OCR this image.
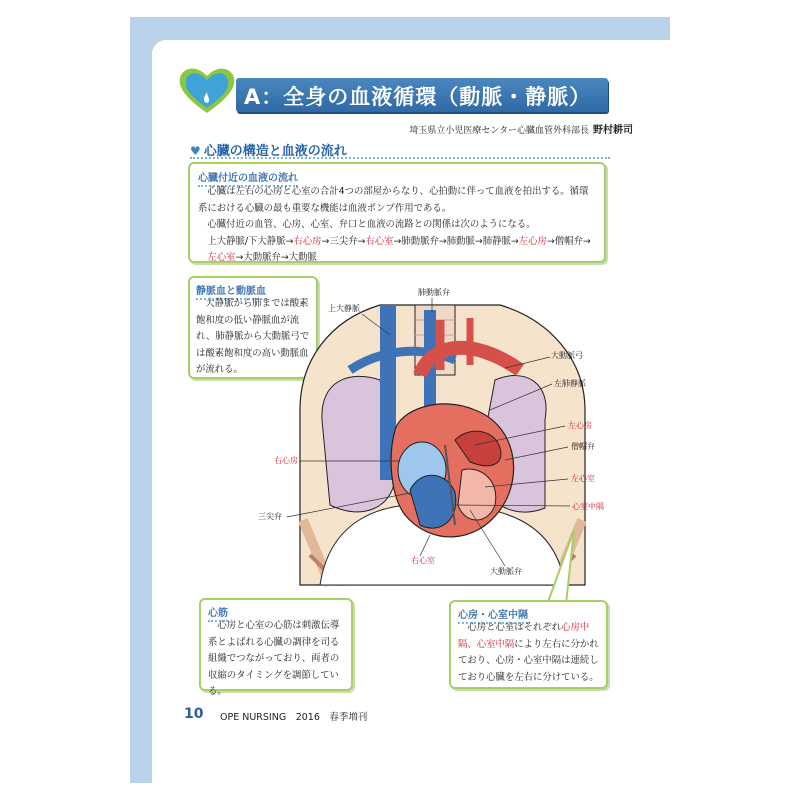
A：全身の血液循環（動脈・静脈）
埼玉県立小児医療センター心臓血管外科部長 野村耕司
♥ 心臓の構造と血液の流れ
心臓付近の血液の流れ
心臓は左右の心房と心室の合計4つの部屋からなり、心拍動に伴って血液を拍出する。循環系における心臓の最も重要な機能は血液ポンプ作用である。
心臓付近の血管、心房、心室、弁口と血液の流路との関係は次のようになる。
上大静脈/下大静脈→右心房→三尖弁→右心室→肺動脈弁→肺動脈→肺静脈→左心房→僧帽弁→左心室→大動脈弁→大動脈
静脈血と動脈血
大静脈から肺までは酸素飽和度の低い静脈血が流れ、肺静脈から大動脈弓では酸素飽和度の高い動脈血が流れる。
肺動脈弁
上大静脈
大動脈弓
左肺静脈
左心房
僧帽弁
左心室
心室中隔
右心房
三尖弁
右心室
大動脈弁
心筋
心房と心室の心筋は刺激伝導系とよばれる心臓の調律を司る組織でつながっており、両者の収縮のタイミングを調節している。
心房・心室中隔
心房と心室はそれぞれ心房中隔、心室中隔により左右に分かれており、心房・心室中隔は連続しており心臓を左右に分けている。
10 OPE NURSING　2016　春季増刊
